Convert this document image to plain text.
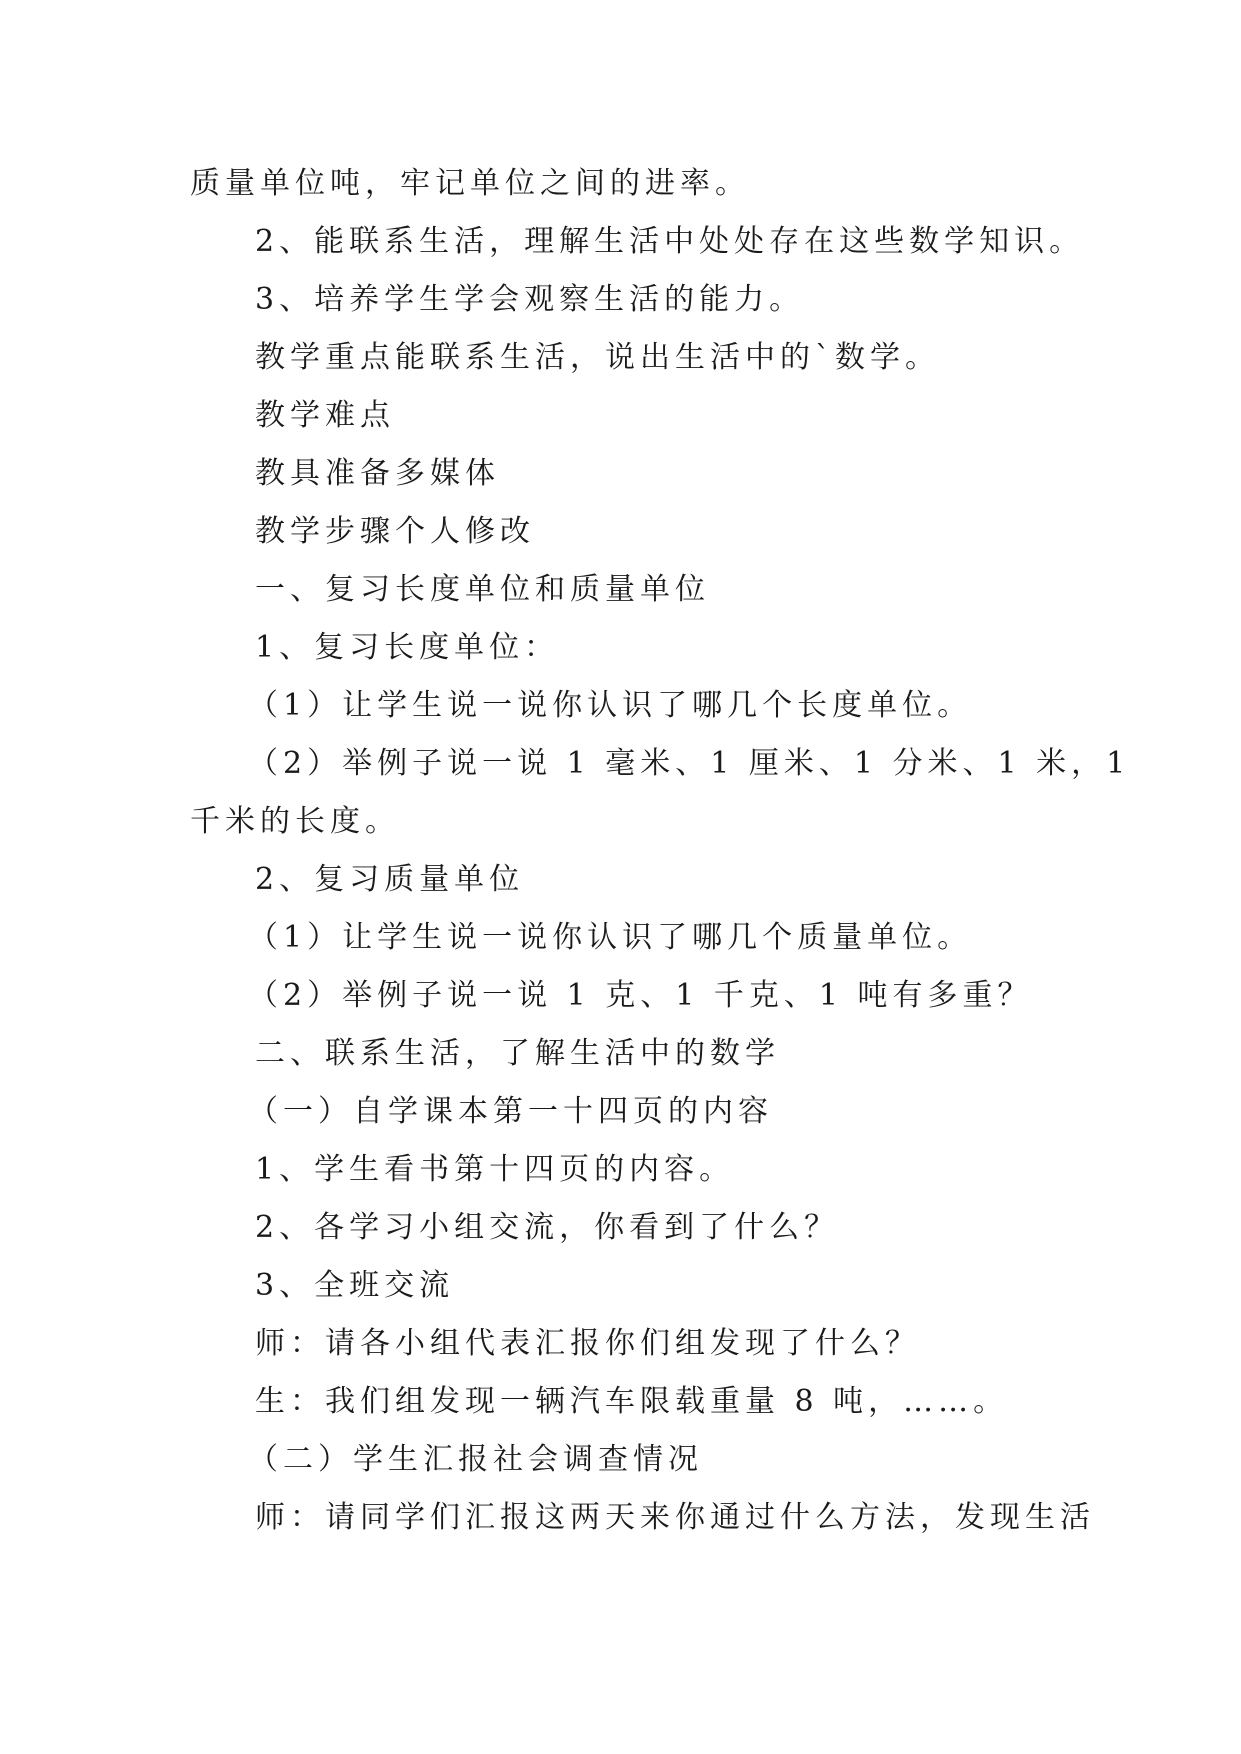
质量单位吨，牢记单位之间的进率。
2、能联系生活，理解生活中处处存在这些数学知识。
3、培养学生学会观察生活的能力。
教学重点能联系生活，说出生活中的`数学。
教学难点
教具准备多媒体
教学步骤个人修改
一、复习长度单位和质量单位
1、复习长度单位：
（1）让学生说一说你认识了哪几个长度单位。
（2）举例子说一说 1 毫米、1 厘米、1 分米、1 米，1
千米的长度。
2、复习质量单位
（1）让学生说一说你认识了哪几个质量单位。
（2）举例子说一说 1 克、1 千克、1 吨有多重？
二、联系生活，了解生活中的数学
（一）自学课本第一十四页的内容
1、学生看书第十四页的内容。
2、各学习小组交流，你看到了什么？
3、全班交流
师：请各小组代表汇报你们组发现了什么？
生：我们组发现一辆汽车限载重量 8 吨，……。
（二）学生汇报社会调查情况
师：请同学们汇报这两天来你通过什么方法，发现生活
